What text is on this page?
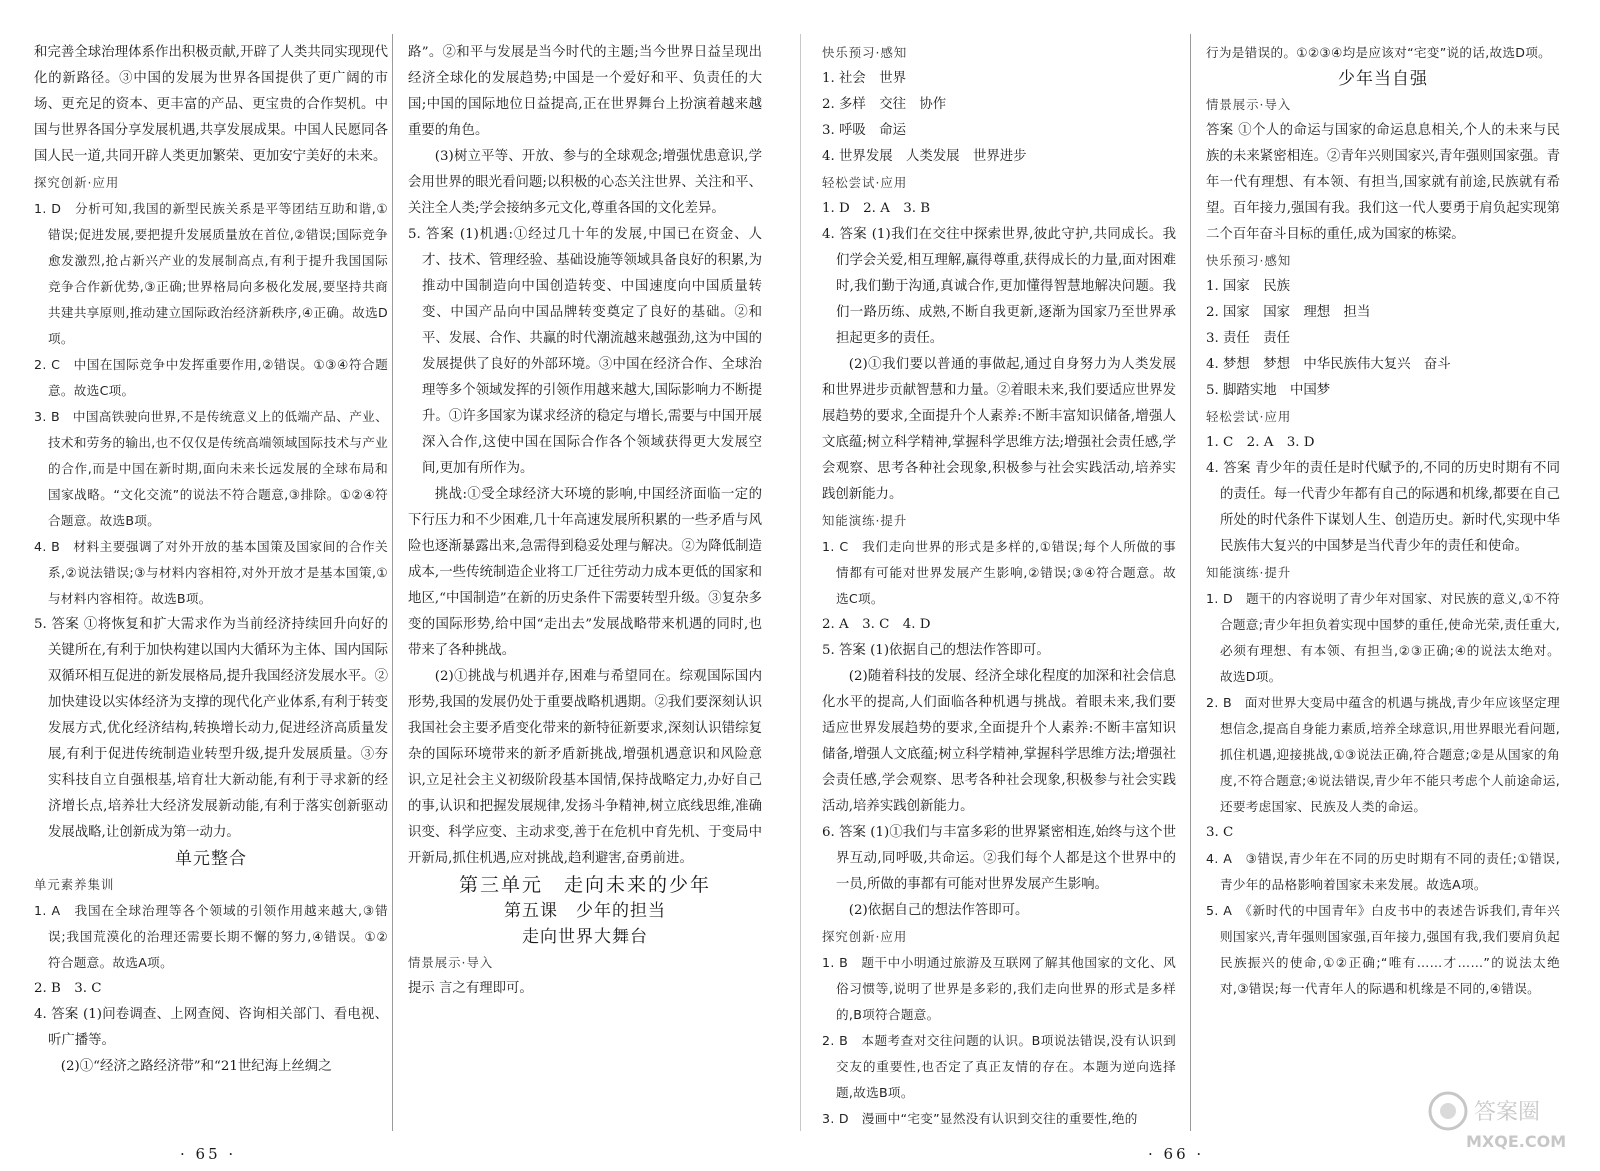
和完善全球治理体系作出积极贡献,开辟了人类共同实现现代化的新路径。③中国的发展为世界各国提供了更广阔的市场、更充足的资本、更丰富的产品、更宝贵的合作契机。中国与世界各国分享发展机遇,共享发展成果。中国人民愿同各国人民一道,共同开辟人类更加繁荣、更加安宁美好的未来。

探究创新·应用

1. D　分析可知,我国的新型民族关系是平等团结互助和谐,①错误;促进发展,要把提升发展质量放在首位,②错误;国际竞争愈发激烈,抢占新兴产业的发展制高点,有利于提升我国国际竞争合作新优势,③正确;世界格局向多极化发展,要坚持共商共建共享原则,推动建立国际政治经济新秩序,④正确。故选D项。

2. C　中国在国际竞争中发挥重要作用,②错误。①③④符合题意。故选C项。

3. B　中国高铁驶向世界,不是传统意义上的低端产品、产业、技术和劳务的输出,也不仅仅是传统高端领域国际技术与产业的合作,而是中国在新时期,面向未来长远发展的全球布局和国家战略。“文化交流”的说法不符合题意,③排除。①②④符合题意。故选B项。

4. B　材料主要强调了对外开放的基本国策及国家间的合作关系,②说法错误;③与材料内容相符,对外开放才是基本国策,①与材料内容相符。故选B项。

5. 答案 ①将恢复和扩大需求作为当前经济持续回升向好的关键所在,有利于加快构建以国内大循环为主体、国内国际双循环相互促进的新发展格局,提升我国经济发展水平。②加快建设以实体经济为支撑的现代化产业体系,有利于转变发展方式,优化经济结构,转换增长动力,促进经济高质量发展,有利于促进传统制造业转型升级,提升发展质量。③夯实科技自立自强根基,培育壮大新动能,有利于寻求新的经济增长点,培养壮大经济发展新动能,有利于落实创新驱动发展战略,让创新成为第一动力。

单元整合

单元素养集训

1. A　我国在全球治理等各个领域的引领作用越来越大,③错误;我国荒漠化的治理还需要长期不懈的努力,④错误。①②符合题意。故选A项。

2. B　3. C

4. 答案 (1)问卷调查、上网查阅、咨询相关部门、看电视、听广播等。

(2)①“经济之路经济带”和“21世纪海上丝绸之

路”。②和平与发展是当今时代的主题;当今世界日益呈现出经济全球化的发展趋势;中国是一个爱好和平、负责任的大国;中国的国际地位日益提高,正在世界舞台上扮演着越来越重要的角色。

(3)树立平等、开放、参与的全球观念;增强忧患意识,学会用世界的眼光看问题;以积极的心态关注世界、关注和平、关注全人类;学会接纳多元文化,尊重各国的文化差异。

5. 答案 (1)机遇:①经过几十年的发展,中国已在资金、人才、技术、管理经验、基础设施等领域具备良好的积累,为推动中国制造向中国创造转变、中国速度向中国质量转变、中国产品向中国品牌转变奠定了良好的基础。②和平、发展、合作、共赢的时代潮流越来越强劲,这为中国的发展提供了良好的外部环境。③中国在经济合作、全球治理等多个领域发挥的引领作用越来越大,国际影响力不断提升。①许多国家为谋求经济的稳定与增长,需要与中国开展深入合作,这使中国在国际合作各个领域获得更大发展空间,更加有所作为。

挑战:①受全球经济大环境的影响,中国经济面临一定的下行压力和不少困难,几十年高速发展所积累的一些矛盾与风险也逐渐暴露出来,急需得到稳妥处理与解决。②为降低制造成本,一些传统制造企业将工厂迁往劳动力成本更低的国家和地区,“中国制造”在新的历史条件下需要转型升级。③复杂多变的国际形势,给中国“走出去”发展战略带来机遇的同时,也带来了各种挑战。

(2)①挑战与机遇并存,困难与希望同在。综观国际国内形势,我国的发展仍处于重要战略机遇期。②我们要深刻认识我国社会主要矛盾变化带来的新特征新要求,深刻认识错综复杂的国际环境带来的新矛盾新挑战,增强机遇意识和风险意识,立足社会主义初级阶段基本国情,保持战略定力,办好自己的事,认识和把握发展规律,发扬斗争精神,树立底线思维,准确识变、科学应变、主动求变,善于在危机中育先机、于变局中开新局,抓住机遇,应对挑战,趋利避害,奋勇前进。

第三单元　走向未来的少年

第五课　少年的担当

走向世界大舞台

情景展示·导入

提示 言之有理即可。

快乐预习·感知

1. 社会　世界

2. 多样　交往　协作

3. 呼吸　命运

4. 世界发展　人类发展　世界进步

轻松尝试·应用

1. D　2. A　3. B

4. 答案 (1)我们在交往中探索世界,彼此守护,共同成长。我们学会关爱,相互理解,赢得尊重,获得成长的力量,面对困难时,我们勤于沟通,真诚合作,更加懂得智慧地解决问题。我们一路历练、成熟,不断自我更新,逐渐为国家乃至世界承担起更多的责任。

(2)①我们要以普通的事做起,通过自身努力为人类发展和世界进步贡献智慧和力量。②着眼未来,我们要适应世界发展趋势的要求,全面提升个人素养:不断丰富知识储备,增强人文底蕴;树立科学精神,掌握科学思维方法;增强社会责任感,学会观察、思考各种社会现象,积极参与社会实践活动,培养实践创新能力。

知能演练·提升

1. C　我们走向世界的形式是多样的,①错误;每个人所做的事情都有可能对世界发展产生影响,②错误;③④符合题意。故选C项。

2. A　3. C　4. D

5. 答案 (1)依据自己的想法作答即可。

(2)随着科技的发展、经济全球化程度的加深和社会信息化水平的提高,人们面临各种机遇与挑战。着眼未来,我们要适应世界发展趋势的要求,全面提升个人素养:不断丰富知识储备,增强人文底蕴;树立科学精神,掌握科学思维方法;增强社会责任感,学会观察、思考各种社会现象,积极参与社会实践活动,培养实践创新能力。

6. 答案 (1)①我们与丰富多彩的世界紧密相连,始终与这个世界互动,同呼吸,共命运。②我们每个人都是这个世界中的一员,所做的事都有可能对世界发展产生影响。

(2)依据自己的想法作答即可。

探究创新·应用

1. B　题干中小明通过旅游及互联网了解其他国家的文化、风俗习惯等,说明了世界是多彩的,我们走向世界的形式是多样的,B项符合题意。

2. B　本题考查对交往问题的认识。B项说法错误,没有认识到交友的重要性,也否定了真正友情的存在。本题为逆向选择题,故选B项。

3. D　漫画中“宅变”显然没有认识到交往的重要性,绝的

行为是错误的。①②③④均是应该对“宅变”说的话,故选D项。

少年当自强

情景展示·导入

答案 ①个人的命运与国家的命运息息相关,个人的未来与民族的未来紧密相连。②青年兴则国家兴,青年强则国家强。青年一代有理想、有本领、有担当,国家就有前途,民族就有希望。百年接力,强国有我。我们这一代人要勇于肩负起实现第二个百年奋斗目标的重任,成为国家的栋梁。

快乐预习·感知

1. 国家　民族

2. 国家　国家　理想　担当

3. 责任　责任

4. 梦想　梦想　中华民族伟大复兴　奋斗

5. 脚踏实地　中国梦

轻松尝试·应用

1. C　2. A　3. D

4. 答案 青少年的责任是时代赋予的,不同的历史时期有不同的责任。每一代青少年都有自己的际遇和机缘,都要在自己所处的时代条件下谋划人生、创造历史。新时代,实现中华民族伟大复兴的中国梦是当代青少年的责任和使命。

知能演练·提升

1. D　题干的内容说明了青少年对国家、对民族的意义,①不符合题意;青少年担负着实现中国梦的重任,使命光荣,责任重大,必须有理想、有本领、有担当,②③正确;④的说法太绝对。故选D项。

2. B　面对世界大变局中蕴含的机遇与挑战,青少年应该坚定理想信念,提高自身能力素质,培养全球意识,用世界眼光看问题,抓住机遇,迎接挑战,①③说法正确,符合题意;②是从国家的角度,不符合题意;④说法错误,青少年不能只考虑个人前途命运,还要考虑国家、民族及人类的命运。

3. C

4. A　③错误,青少年在不同的历史时期有不同的责任;①错误,青少年的品格影响着国家未来发展。故选A项。

5. A　《新时代的中国青年》白皮书中的表述告诉我们,青年兴则国家兴,青年强则国家强,百年接力,强国有我,我们要肩负起民族振兴的使命,①②正确;“唯有……才……”的说法太绝对,③错误;每一代青年人的际遇和机缘是不同的,④错误。

· 65 ·	· 66 ·
答案圈
MXQE.COM
